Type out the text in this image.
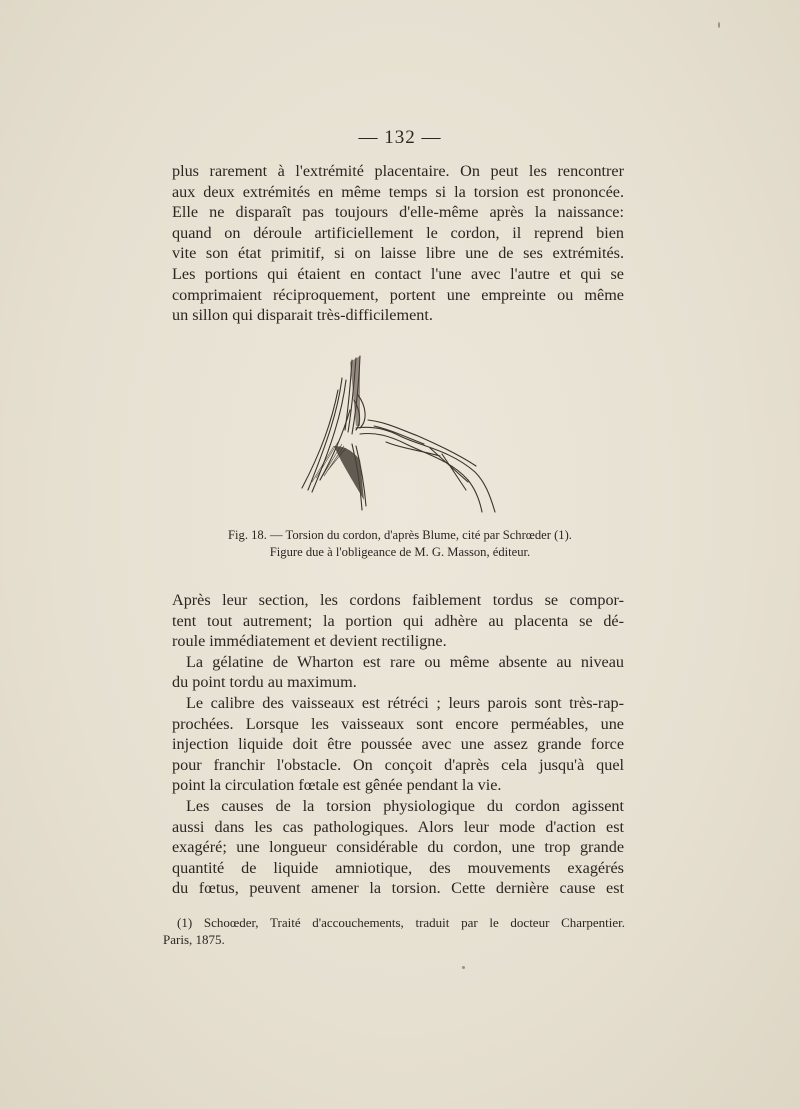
— 132 —
plus rarement à l'extrémité placentaire. On peut les rencontrer
aux deux extrémités en même temps si la torsion est prononcée.
Elle ne disparaît pas toujours d'elle-même après la naissance:
quand on déroule artificiellement le cordon, il reprend bien
vite son état primitif, si on laisse libre une de ses extrémités.
Les portions qui étaient en contact l'une avec l'autre et qui se
comprimaient réciproquement, portent une empreinte ou même
un sillon qui disparait très-difficilement.
Fig. 18. — Torsion du cordon, d'après Blume, cité par Schrœder (1).
Figure due à l'obligeance de M. G. Masson, éditeur.
Après leur section, les cordons faiblement tordus se compor-
tent tout autrement; la portion qui adhère au placenta se dé-
roule immédiatement et devient rectiligne.
La gélatine de Wharton est rare ou même absente au niveau
du point tordu au maximum.
Le calibre des vaisseaux est rétréci ; leurs parois sont très-rap-
prochées. Lorsque les vaisseaux sont encore perméables, une
injection liquide doit être poussée avec une assez grande force
pour franchir l'obstacle. On conçoit d'après cela jusqu'à quel
point la circulation fœtale est gênée pendant la vie.
Les causes de la torsion physiologique du cordon agissent
aussi dans les cas pathologiques. Alors leur mode d'action est
exagéré; une longueur considérable du cordon, une trop grande
quantité de liquide amniotique, des mouvements exagérés
du fœtus, peuvent amener la torsion. Cette dernière cause est
(1) Schoœder, Traité d'accouchements, traduit par le docteur Charpentier.
Paris, 1875.
